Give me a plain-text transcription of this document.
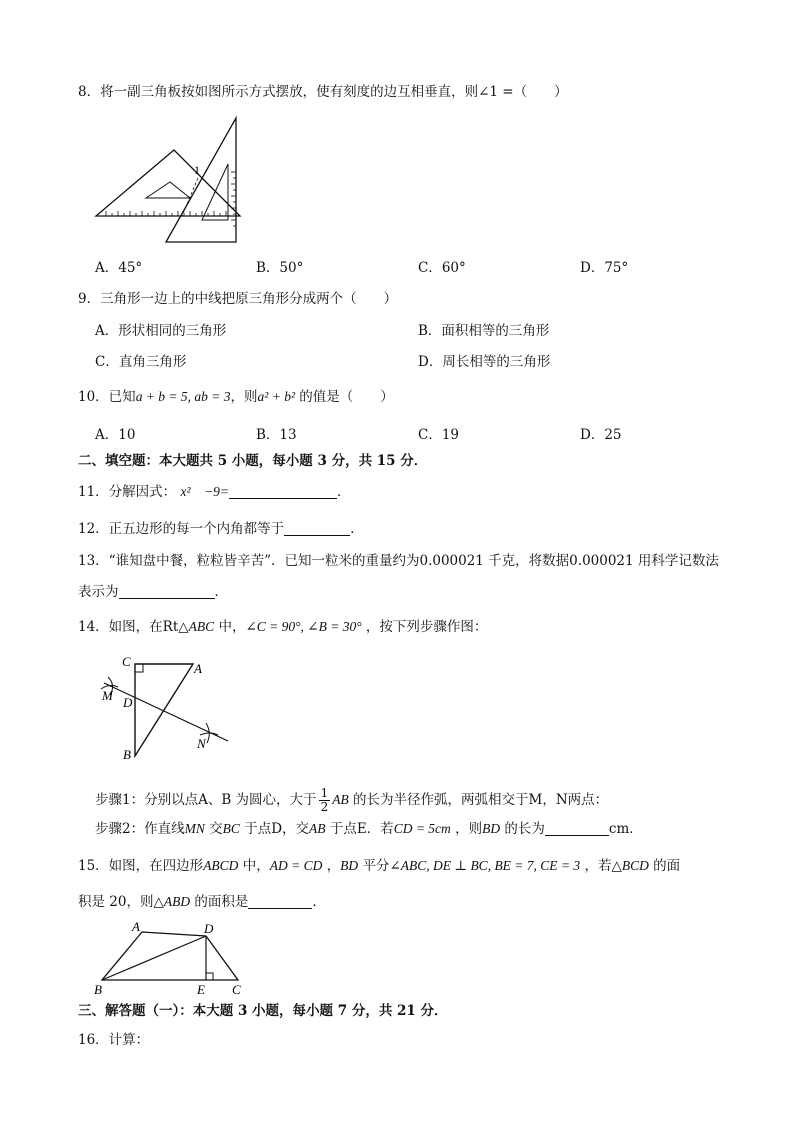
8．将一副三角板按如图所示方式摆放，使有刻度的边互相垂直，则∠1 =（　　）
1
A．45°	B．50°	C．60°	D．75°
9．三角形一边上的中线把原三角形分成两个（　　）
A．形状相同的三角形	B．面积相等的三角形
C．直角三角形	D．周长相等的三角形
10．已知a + b = 5, ab = 3，则a² + b² 的值是（　　）
A．10	B．13	C．19	D．25
二、填空题：本大题共 5 小题，每小题 3 分，共 15 分．
11．分解因式： x²　−9=	．
12．正五边形的每一个内角都等于	．
13．“谁知盘中餐，粒粒皆辛苦”．已知一粒米的重量约为0.000021 千克，将数据0.000021 用科学记数法
表示为	．
14．如图，在Rt△ABC 中，∠C = 90°, ∠B = 30° ，按下列步骤作图：
C	A
M D
B
N
步骤1：分别以点A、B 为圆心，大于 $\frac{1}{2}$ AB 的长为半径作弧，两弧相交于M，N两点：
步骤2：作直线MN 交BC 于点D，交AB 于点E．若CD = 5cm ，则BD 的长为	cm．
15．如图，在四边形ABCD 中，AD = CD ，BD 平分∠ABC, DE ⊥ BC, BE = 7, CE = 3 ，若△BCD 的面
积是 20，则△ABD 的面积是	．
A	D
B	E C
三、解答题（一）：本大题 3 小题，每小题 7 分，共 21 分．
16．计算：
